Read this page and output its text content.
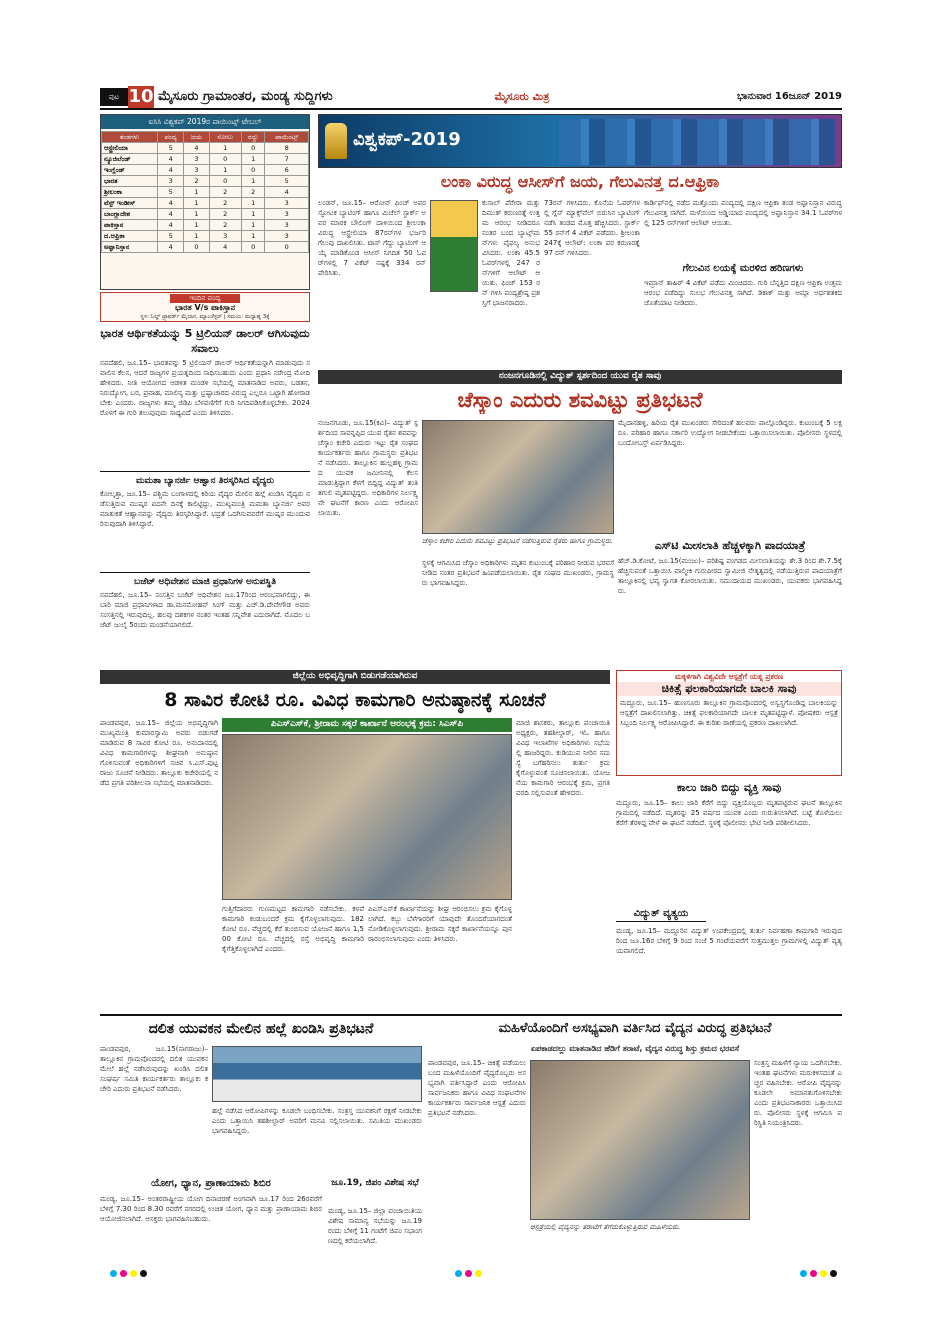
ಪುಟ 10 ಮೈಸೂರು ಗ್ರಾಮಾಂತರ, ಮಂಡ್ಯ ಸುದ್ದಿಗಳು	ಮೈಸೂರು ಮಿತ್ರ	ಭಾನುವಾರ 16ಜೂನ್ 2019
ಐಸಿಸಿ ವಿಶ್ವಕಪ್ 2019ರ ಪಾಯಿಂಟ್ಸ್ ಟೇಬಲ್
ತಂಡಗಳು	ಪಂದ್ಯ	ಜಯ	ಸೋಲು	ರದ್ದು	ಪಾಯಿಂಟ್ಸ್
ಆಸ್ಟ್ರೇಲಿಯಾ	5	4	1	0	8
ನ್ಯೂಜಿಲೆಂಡ್	4	3	0	1	7
ಇಂಗ್ಲೆಂಡ್	4	3	1	0	6
ಭಾರತ	3	2	0	1	5
ಶ್ರೀಲಂಕಾ	5	1	2	2	4
ವೆಸ್ಟ್ ಇಂಡೀಸ್	4	1	2	1	3
ಬಾಂಗ್ಲಾದೇಶ	4	1	2	1	3
ಪಾಕಿಸ್ತಾನ	4	1	2	1	3
ದ.ಆಫ್ರಿಕಾ	5	1	3	1	3
ಅಫ್ಘಾನಿಸ್ತಾನ	4	0	4	0	0
ಇಂದಿನ ಪಂದ್ಯ
ಭಾರತ V/s ಪಾಕಿಸ್ತಾನ
ಸ್ಥಳ: ಓಲ್ಡ್ ಟ್ರ್ಯಾಫರ್ಡ್ ಮೈದಾನ, ಮ್ಯಾಂಚೆಸ್ಟರ್ | ಸಮಯ: ಮಧ್ಯಾಹ್ನ 3ಕ್ಕೆ
ಭಾರತ ಆರ್ಥಿಕತೆಯನ್ನು 5 ಟ್ರಿಲಿಯನ್ ಡಾಲರ್ ಆಗಿಸುವುದು ಸವಾಲು
ನವದೆಹಲಿ, ಜೂ.15– ಭಾರತವನ್ನು 5 ಟ್ರಿಲಿಯನ್ ಡಾಲರ್ ಆರ್ಥಿಕತೆಯನ್ನಾಗಿ ಮಾಡುವುದು ಸವಾಲಿನ ಕೆಲಸ, ಆದರೆ ರಾಜ್ಯಗಳ ಪ್ರಯತ್ನದಿಂದ ಸಾಧಿಸಬಹುದು ಎಂದು ಪ್ರಧಾನಿ ನರೇಂದ್ರ ಮೋದಿ ಹೇಳಿದರು. ನೀತಿ ಆಯೋಗದ ಆಡಳಿತ ಮಂಡಳಿ ಸಭೆಯಲ್ಲಿ ಮಾತನಾಡಿದ ಅವರು, ಬಡತನ, ನಿರುದ್ಯೋಗ, ಬರ, ಪ್ರವಾಹ, ಮಾಲಿನ್ಯ ಮತ್ತು ಭ್ರಷ್ಟಾಚಾರದ ವಿರುದ್ಧ ಎಲ್ಲರೂ ಒಟ್ಟಾಗಿ ಹೋರಾಡಬೇಕು ಎಂದರು. ರಾಜ್ಯಗಳು ತಮ್ಮ ಜಿಡಿಪಿ ಬೆಳವಣಿಗೆಗೆ ಗುರಿ ನಿಗದಿಪಡಿಸಿಕೊಳ್ಳಬೇಕು. 2024ರೊಳಗೆ ಈ ಗುರಿ ತಲುಪುವುದು ಸಾಧ್ಯವಿದೆ ಎಂದು ತಿಳಿಸಿದರು.
ಮಮತಾ ಬ್ಯಾನರ್ಜಿ ಆಹ್ವಾನ ತಿರಸ್ಕರಿಸಿದ ವೈದ್ಯರು
ಕೋಲ್ಕತ್ತಾ, ಜೂ.15– ಪಶ್ಚಿಮ ಬಂಗಾಳದಲ್ಲಿ ಕಿರಿಯ ವೈದ್ಯರ ಮೇಲಿನ ಹಲ್ಲೆ ಖಂಡಿಸಿ ವೈದ್ಯರು ನಡೆಸುತ್ತಿರುವ ಮುಷ್ಕರ ಐದನೇ ದಿನಕ್ಕೆ ಕಾಲಿಟ್ಟಿದ್ದು, ಮುಖ್ಯಮಂತ್ರಿ ಮಮತಾ ಬ್ಯಾನರ್ಜಿ ಅವರ ಮಾತುಕತೆ ಆಹ್ವಾನವನ್ನು ವೈದ್ಯರು ತಿರಸ್ಕರಿಸಿದ್ದಾರೆ. ಭದ್ರತೆ ಒದಗಿಸುವವರೆಗೆ ಮುಷ್ಕರ ಮುಂದುವರಿಸುವುದಾಗಿ ತಿಳಿಸಿದ್ದಾರೆ.
ಬಜೆಟ್ ಅಧಿವೇಶನ ಮಾಜಿ ಪ್ರಧಾನಿಗಳ ಅನುಪಸ್ಥಿತಿ
ನವದೆಹಲಿ, ಜೂ.15– ಸಂಸತ್ತಿನ ಬಜೆಟ್ ಅಧಿವೇಶನ ಜೂ.17ರಿಂದ ಆರಂಭವಾಗಲಿದ್ದು, ಈ ಬಾರಿ ಮಾಜಿ ಪ್ರಧಾನಿಗಳಾದ ಡಾ.ಮನಮೋಹನ್ ಸಿಂಗ್ ಮತ್ತು ಎಚ್.ಡಿ.ದೇವೇಗೌಡ ಅವರು ಸಂಸತ್ತಿನಲ್ಲಿ ಇರುವುದಿಲ್ಲ. ಹಲವು ದಶಕಗಳ ನಂತರ ಇಂತಹ ಸನ್ನಿವೇಶ ಎದುರಾಗಿದೆ. ಮೊದಲ ಬಜೆಟ್ ಜುಲೈ 5ರಂದು ಮಂಡನೆಯಾಗಲಿದೆ.
ವಿಶ್ವಕಪ್-2019
ಲಂಕಾ ವಿರುದ್ಧ ಆಸೀಸ್‌ಗೆ ಜಯ, ಗೆಲುವಿನತ್ತ ದ.ಆಫ್ರಿಕಾ
ಲಂಡನ್, ಜೂ.15– ಆರೋನ್ ಫಿಂಚ್ ಅವರ ಸ್ಫೋಟಕ ಬ್ಯಾಟಿಂಗ್ ಹಾಗೂ ಮಿಚೆಲ್ ಸ್ಟಾರ್ಕ್ ಅವರ ಮಾರಕ ಬೌಲಿಂಗ್ ದಾಳಿಯಿಂದ ಶ್ರೀಲಂಕಾ ವಿರುದ್ಧ ಆಸ್ಟ್ರೇಲಿಯಾ 87ರನ್‌ಗಳ ಭರ್ಜರಿ ಗೆಲುವು ದಾಖಲಿಸಿತು. ಟಾಸ್ ಗೆದ್ದು ಬ್ಯಾಟಿಂಗ್ ಆಯ್ಕೆ ಮಾಡಿಕೊಂಡ ಆಸೀಸ್ ನಿಗದಿತ 50 ಓವರ್‌ಗಳಲ್ಲಿ 7 ವಿಕೆಟ್ ನಷ್ಟಕ್ಕೆ 334 ರನ್ ಪೇರಿಸಿತು.
ಕುಸಾಲ್ ಪೆರೇರಾ ಮತ್ತು ದಿಮುತ್ ಕರುಣರತ್ನೆ ಉತ್ತಮ ಆರಂಭ ನೀಡಿದರೂ ನಂತರ ಬಂದ ಬ್ಯಾಟ್ಸ್‌ಮನ್‌ಗಳು ವೈಫಲ್ಯ ಅನುಭವಿಸಿದರು. ಲಂಕಾ 45.5 ಓವರ್‌ಗಳಲ್ಲಿ 247 ರನ್‌ಗಳಿಗೆ ಆಲೌಟ್ ಆಯಿತು. ಫಿಂಚ್ 153 ರನ್ ಗಳಿಸಿ ಪಂದ್ಯಶ್ರೇಷ್ಠ ಪ್ರಶಸ್ತಿಗೆ ಭಾಜನರಾದರು.
73ರನ್ ಗಳಿಸಿದರು. ಕೊನೆಯ ಓವರ್‌ಗಳಲ್ಲಿ ಗ್ಲೆನ್ ಮ್ಯಾಕ್ಸ್‌ವೆಲ್ ಬಿರುಸಿನ ಬ್ಯಾಟಿಂಗ್ ನಡೆಸಿ ತಂಡದ ಮೊತ್ತ ಹೆಚ್ಚಿಸಿದರು. ಸ್ಟಾರ್ಕ್ 55 ರನ್‌ಗೆ 4 ವಿಕೆಟ್ ಪಡೆದರು. ಶ್ರೀಲಂಕಾ 247ಕ್ಕೆ ಆಲೌಟ್: ಲಂಕಾ ಪರ ಕರುಣರತ್ನೆ 97 ರನ್ ಗಳಿಸಿದರು.
ಕಾರ್ಡಿಫ್‌ನಲ್ಲಿ ನಡೆದ ಮತ್ತೊಂದು ಪಂದ್ಯದಲ್ಲಿ ದಕ್ಷಿಣ ಆಫ್ರಿಕಾ ತಂಡ ಅಫ್ಘಾನಿಸ್ತಾನ ವಿರುದ್ಧ ಗೆಲುವಿನತ್ತ ಸಾಗಿದೆ. ಮಳೆಯಿಂದ ಅಡ್ಡಿಯಾದ ಪಂದ್ಯದಲ್ಲಿ ಅಫ್ಘಾನಿಸ್ತಾನ 34.1 ಓವರ್‌ಗಳಲ್ಲಿ 125 ರನ್‌ಗಳಿಗೆ ಆಲೌಟ್ ಆಯಿತು.
ಗೆಲುವಿನ ಲಯಕ್ಕೆ ಮರಳಿದ ಹರಿಣಗಳು
ಇಮ್ರಾನ್ ತಾಹಿರ್ 4 ವಿಕೆಟ್ ಪಡೆದು ಮಿಂಚಿದರು. ಗುರಿ ಬೆನ್ನತ್ತಿದ ದಕ್ಷಿಣ ಆಫ್ರಿಕಾ ಉತ್ತಮ ಆರಂಭ ಪಡೆದಿದ್ದು ಸುಲಭ ಗೆಲುವಿನತ್ತ ಸಾಗಿದೆ. ಡಿಕಾಕ್ ಮತ್ತು ಆಮ್ಲಾ ಅರ್ಧಶತಕದ ಜೊತೆಯಾಟ ನೀಡಿದರು.
ನಂಜನಗೂಡಿನಲ್ಲಿ ವಿದ್ಯುತ್ ಸ್ಪರ್ಶದಿಂದ ಯುವ ರೈತ ಸಾವು
ಚೆಸ್ಕಾಂ ಎದುರು ಶವವಿಟ್ಟು ಪ್ರತಿಭಟನೆ
ನಂಜನಗೂಡು, ಜೂ.15(ಕವಿ)– ವಿದ್ಯುತ್ ಸ್ಪರ್ಶದಿಂದ ಸಾವನ್ನಪ್ಪಿದ ಯುವ ರೈತನ ಶವವನ್ನು ಚೆಸ್ಕಾಂ ಕಚೇರಿ ಎದುರು ಇಟ್ಟು ರೈತ ಸಂಘದ ಕಾರ್ಯಕರ್ತರು ಹಾಗೂ ಗ್ರಾಮಸ್ಥರು ಪ್ರತಿಭಟನೆ ನಡೆಸಿದರು. ತಾಲ್ಲೂಕಿನ ಹುಲ್ಲಹಳ್ಳಿ ಗ್ರಾಮದ ಯುವಕ ಜಮೀನಿನಲ್ಲಿ ಕೆಲಸ ಮಾಡುತ್ತಿದ್ದಾಗ ಕೆಳಗೆ ಬಿದ್ದಿದ್ದ ವಿದ್ಯುತ್ ತಂತಿ ತಗುಲಿ ಮೃತಪಟ್ಟಿದ್ದರು. ಅಧಿಕಾರಿಗಳ ನಿರ್ಲಕ್ಷ್ಯವೇ ಘಟನೆಗೆ ಕಾರಣ ಎಂದು ಆರೋಪಿಸಲಾಯಿತು.
ಚೆಸ್ಕಾಂ ಕಚೇರಿ ಎದುರು ಶವವಿಟ್ಟು ಪ್ರತಿಭಟನೆ ನಡೆಸುತ್ತಿರುವ ರೈತರು ಹಾಗೂ ಗ್ರಾಮಸ್ಥರು.
ಸ್ಥಳಕ್ಕೆ ಆಗಮಿಸಿದ ಚೆಸ್ಕಾಂ ಅಧಿಕಾರಿಗಳು ಮೃತನ ಕುಟುಂಬಕ್ಕೆ ಪರಿಹಾರ ನೀಡುವ ಭರವಸೆ ನೀಡಿದ ನಂತರ ಪ್ರತಿಭಟನೆ ಹಿಂಪಡೆಯಲಾಯಿತು. ರೈತ ಸಂಘದ ಮುಖಂಡರು, ಗ್ರಾಮಸ್ಥರು ಭಾಗವಹಿಸಿದ್ದರು.
ಮೈದಾನಹಳ್ಳಿ, ಹಿರಿಯ ರೈತ ಮುಖಂಡರು ಸೇರಿದಂತೆ ಹಲವರು ಪಾಲ್ಗೊಂಡಿದ್ದರು. ಕುಟುಂಬಕ್ಕೆ 5 ಲಕ್ಷ ರೂ. ಪರಿಹಾರ ಹಾಗೂ ಸರ್ಕಾರಿ ಉದ್ಯೋಗ ನೀಡಬೇಕೆಂದು ಒತ್ತಾಯಿಸಲಾಯಿತು. ಪೊಲೀಸರು ಸ್ಥಳದಲ್ಲಿ ಬಂದೋಬಸ್ತ್ ಏರ್ಪಡಿಸಿದ್ದರು.
ಎಸ್‌ಟಿ ಮೀಸಲಾತಿ ಹೆಚ್ಚಳಕ್ಕಾಗಿ ಪಾದಯಾತ್ರೆ
ಹೆಚ್.ಡಿ.ಕೋಟೆ, ಜೂ.15(ಮಂಜು)– ಪರಿಶಿಷ್ಟ ಪಂಗಡದ ಮೀಸಲಾತಿಯನ್ನು ಶೇ.3 ರಿಂದ ಶೇ.7.5ಕ್ಕೆ ಹೆಚ್ಚಿಸುವಂತೆ ಒತ್ತಾಯಿಸಿ ವಾಲ್ಮೀಕಿ ಗುರುಪೀಠದ ಸ್ವಾಮೀಜಿ ನೇತೃತ್ವದಲ್ಲಿ ನಡೆಯುತ್ತಿರುವ ಪಾದಯಾತ್ರೆಗೆ ತಾಲ್ಲೂಕಿನಲ್ಲಿ ಭವ್ಯ ಸ್ವಾಗತ ಕೋರಲಾಯಿತು. ಸಮುದಾಯದ ಮುಖಂಡರು, ಯುವಕರು ಭಾಗವಹಿಸಿದ್ದರು.
ಜಿಲ್ಲೆಯ ಅಭಿವೃದ್ಧಿಗಾಗಿ ಬಿಡುಗಡೆಯಾಗಿರುವ
8 ಸಾವಿರ ಕೋಟಿ ರೂ. ವಿವಿಧ ಕಾಮಗಾರಿ ಅನುಷ್ಠಾನಕ್ಕೆ ಸೂಚನೆ
ಪಾಂಡವಪುರ, ಜೂ.15– ಜಿಲ್ಲೆಯ ಅಭಿವೃದ್ಧಿಗಾಗಿ ಮುಖ್ಯಮಂತ್ರಿ ಕುಮಾರಸ್ವಾಮಿ ಅವರು ಬಿಡುಗಡೆ ಮಾಡಿರುವ 8 ಸಾವಿರ ಕೋಟಿ ರೂ. ಅನುದಾನದಲ್ಲಿ ವಿವಿಧ ಕಾಮಗಾರಿಗಳನ್ನು ಶೀಘ್ರವಾಗಿ ಅನುಷ್ಠಾನಗೊಳಿಸುವಂತೆ ಅಧಿಕಾರಿಗಳಿಗೆ ಸಚಿವ ಸಿ.ಎಸ್.ಪುಟ್ಟರಾಜು ಸೂಚನೆ ನೀಡಿದರು. ತಾಲ್ಲೂಕು ಕಚೇರಿಯಲ್ಲಿ ನಡೆದ ಪ್ರಗತಿ ಪರಿಶೀಲನಾ ಸಭೆಯಲ್ಲಿ ಮಾತನಾಡಿದರು.
ಪಿಎಸ್‌ಎಸ್‌ಕೆ, ಶ್ರೀರಾಮ ಸಕ್ಕರೆ ಕಾರ್ಖಾನೆ ಆರಂಭಕ್ಕೆ ಕ್ರಮ: ಸಿಎಸ್‌ಪಿ
ಗುತ್ತಿಗೆದಾರರು ಗುಣಮಟ್ಟದ ಕಾಮಗಾರಿ ನಡೆಸಬೇಕು. ಕಳಪೆ ಕಾಮಗಾರಿ ಕಂಡುಬಂದರೆ ಕ್ರಮ ಕೈಗೊಳ್ಳಲಾಗುವುದು. 182 ಕೋಟಿ ರೂ. ವೆಚ್ಚದಲ್ಲಿ ಕೆರೆ ತುಂಬಿಸುವ ಯೋಜನೆ ಹಾಗೂ 1,500 ಕೋಟಿ ರೂ. ವೆಚ್ಚದಲ್ಲಿ ರಸ್ತೆ ಅಭಿವೃದ್ಧಿ ಕಾಮಗಾರಿ ಕೈಗೆತ್ತಿಕೊಳ್ಳಲಾಗಿದೆ ಎಂದರು.
ಪಿಎಸ್‌ಎಸ್‌ಕೆ ಕಾರ್ಖಾನೆಯನ್ನು ಶೀಘ್ರ ಆರಂಭಿಸಲು ಕ್ರಮ ಕೈಗೊಳ್ಳಲಾಗಿದೆ. ಕಬ್ಬು ಬೆಳೆಗಾರರಿಗೆ ಯಾವುದೇ ತೊಂದರೆಯಾಗದಂತೆ ನೋಡಿಕೊಳ್ಳಲಾಗುವುದು. ಶ್ರೀರಾಮ ಸಕ್ಕರೆ ಕಾರ್ಖಾನೆಯನ್ನೂ ಪುನರಾರಂಭಿಸಲಾಗುವುದು ಎಂದು ತಿಳಿಸಿದರು.
ಮಾಜಿ ಶಾಸಕರು, ತಾಲ್ಲೂಕು ಪಂಚಾಯಿತಿ ಅಧ್ಯಕ್ಷರು, ತಹಶೀಲ್ದಾರ್, ಇಓ ಹಾಗೂ ವಿವಿಧ ಇಲಾಖೆಗಳ ಅಧಿಕಾರಿಗಳು ಸಭೆಯಲ್ಲಿ ಹಾಜರಿದ್ದರು. ಕುಡಿಯುವ ನೀರಿನ ಸಮಸ್ಯೆ ಬಗೆಹರಿಸಲು ತುರ್ತು ಕ್ರಮ ಕೈಗೊಳ್ಳುವಂತೆ ಸೂಚಿಸಲಾಯಿತು. ಯೋಜನೆಯ ಕಾಮಗಾರಿ ಆರಂಭಕ್ಕೆ ಕ್ರಮ, ಪ್ರಗತಿ ವರದಿ ಸಲ್ಲಿಸುವಂತೆ ಹೇಳಿದರು.
ಮಕ್ಕಳಿಗಾಗಿ ವಿಶ್ವವಿದೇ ಆಸ್ಪತ್ರೆಗೆ ಯತ್ನ ಪ್ರಕರಣ
ಚಿಕಿತ್ಸೆ ಫಲಕಾರಿಯಾಗದೇ ಬಾಲಕಿ ಸಾವು
ಮದ್ದೂರು, ಜೂ.15– ಹುಣಸೂರು ತಾಲ್ಲೂಕಿನ ಗ್ರಾಮವೊಂದರಲ್ಲಿ ಅಸ್ವಸ್ಥಗೊಂಡಿದ್ದ ಬಾಲಕಿಯನ್ನು ಆಸ್ಪತ್ರೆಗೆ ದಾಖಲಿಸಲಾಗಿತ್ತು. ಚಿಕಿತ್ಸೆ ಫಲಕಾರಿಯಾಗದೇ ಬಾಲಕಿ ಮೃತಪಟ್ಟಿದ್ದಾಳೆ. ಪೋಷಕರು ಆಸ್ಪತ್ರೆ ಸಿಬ್ಬಂದಿ ನಿರ್ಲಕ್ಷ್ಯ ಆರೋಪಿಸಿದ್ದಾರೆ. ಈ ಕುರಿತು ಠಾಣೆಯಲ್ಲಿ ಪ್ರಕರಣ ದಾಖಲಾಗಿದೆ.
ಕಾಲು ಜಾರಿ ಬಿದ್ದು ವ್ಯಕ್ತಿ ಸಾವು
ಮದ್ದೂರು, ಜೂ.15– ಕಾಲು ಜಾರಿ ಕೆರೆಗೆ ಬಿದ್ದು ವ್ಯಕ್ತಿಯೊಬ್ಬರು ಮೃತಪಟ್ಟಿರುವ ಘಟನೆ ತಾಲ್ಲೂಕಿನ ಗ್ರಾಮದಲ್ಲಿ ನಡೆದಿದೆ. ಮೃತರನ್ನು 25 ವರ್ಷದ ಯುವಕ ಎಂದು ಗುರುತಿಸಲಾಗಿದೆ. ಬಟ್ಟೆ ತೊಳೆಯಲು ಕೆರೆಗೆ ತೆರಳಿದ್ದ ವೇಳೆ ಈ ಘಟನೆ ನಡೆದಿದೆ. ಸ್ಥಳಕ್ಕೆ ಪೊಲೀಸರು ಭೇಟಿ ನೀಡಿ ಪರಿಶೀಲಿಸಿದರು.
ವಿದ್ಯುತ್ ವ್ಯತ್ಯಯ
ಮಂಡ್ಯ, ಜೂ.15– ಮದ್ದೂರಿನ ವಿದ್ಯುತ್ ಉಪಕೇಂದ್ರದಲ್ಲಿ ತುರ್ತು ನಿರ್ವಹಣಾ ಕಾಮಗಾರಿ ಇರುವುದರಿಂದ ಜೂ.16ರ ಬೆಳಿಗ್ಗೆ 9 ರಿಂದ ಸಂಜೆ 5 ಗಂಟೆಯವರೆಗೆ ಸುತ್ತಮುತ್ತಲ ಗ್ರಾಮಗಳಲ್ಲಿ ವಿದ್ಯುತ್ ವ್ಯತ್ಯಯವಾಗಲಿದೆ.
ದಲಿತ ಯುವಕನ ಮೇಲಿನ ಹಲ್ಲೆ ಖಂಡಿಸಿ ಪ್ರತಿಭಟನೆ
ಪಾಂಡವಪುರ, ಜೂ.15(ನಾಗರಾಜು)– ತಾಲ್ಲೂಕಿನ ಗ್ರಾಮವೊಂದರಲ್ಲಿ ದಲಿತ ಯುವಕನ ಮೇಲೆ ಹಲ್ಲೆ ನಡೆಸಿರುವುದನ್ನು ಖಂಡಿಸಿ ದಲಿತ ಸಂಘರ್ಷ ಸಮಿತಿ ಕಾರ್ಯಕರ್ತರು ತಾಲ್ಲೂಕು ಕಚೇರಿ ಎದುರು ಪ್ರತಿಭಟನೆ ನಡೆಸಿದರು.
ಹಲ್ಲೆ ನಡೆಸಿದ ಆರೋಪಿಗಳನ್ನು ಕೂಡಲೇ ಬಂಧಿಸಬೇಕು. ಸಂತ್ರಸ್ತ ಯುವಕನಿಗೆ ರಕ್ಷಣೆ ನೀಡಬೇಕು ಎಂದು ಒತ್ತಾಯಿಸಿ ತಹಶೀಲ್ದಾರ್ ಅವರಿಗೆ ಮನವಿ ಸಲ್ಲಿಸಲಾಯಿತು. ಸಮಿತಿಯ ಮುಖಂಡರು ಭಾಗವಹಿಸಿದ್ದರು.
ಯೋಗ, ಧ್ಯಾನ, ಪ್ರಾಣಾಯಾಮ ಶಿಬಿರ
ಮಂಡ್ಯ, ಜೂ.15– ಅಂತರರಾಷ್ಟ್ರೀಯ ಯೋಗ ದಿನಾಚರಣೆ ಅಂಗವಾಗಿ ಜೂ.17 ರಿಂದ 26ರವರೆಗೆ ಬೆಳಿಗ್ಗೆ 7.30 ರಿಂದ 8.30 ರವರೆಗೆ ನಗರದಲ್ಲಿ ಉಚಿತ ಯೋಗ, ಧ್ಯಾನ ಮತ್ತು ಪ್ರಾಣಾಯಾಮ ಶಿಬಿರ ಆಯೋಜಿಸಲಾಗಿದೆ. ಆಸಕ್ತರು ಭಾಗವಹಿಸಬಹುದು.
ಜೂ.19, ಜಿಪಂ ವಿಶೇಷ ಸಭೆ
ಮಂಡ್ಯ, ಜೂ.15– ಜಿಲ್ಲಾ ಪಂಚಾಯಿತಿಯ ವಿಶೇಷ ಸಾಮಾನ್ಯ ಸಭೆಯನ್ನು ಜೂ.19ರಂದು ಬೆಳಿಗ್ಗೆ 11 ಗಂಟೆಗೆ ಜಿಪಂ ಸಭಾಂಗಣದಲ್ಲಿ ಕರೆಯಲಾಗಿದೆ.
ಮಹಿಳೆಯೊಂದಿಗೆ ಅಸಭ್ಯವಾಗಿ ವರ್ತಿಸಿದ ವೈದ್ಯನ ವಿರುದ್ಧ ಪ್ರತಿಭಟನೆ
ಏಪಕಾಡದಲ್ಲು ಮಾತನಾಡಿದ ಹೆಡಿಗೆ ತರಾಟೆ, ವೈದ್ಯನ ವಿರುದ್ಧ ಶಿಸ್ತು ಕ್ರಮದ ಭರವಸೆ
ಪಾಂಡವಪುರ, ಜೂ.15– ಚಿಕಿತ್ಸೆ ಪಡೆಯಲು ಬಂದ ಮಹಿಳೆಯೊಂದಿಗೆ ವೈದ್ಯರೊಬ್ಬರು ಅಸಭ್ಯವಾಗಿ ವರ್ತಿಸಿದ್ದಾರೆ ಎಂದು ಆರೋಪಿಸಿ ಸಾರ್ವಜನಿಕರು ಹಾಗೂ ವಿವಿಧ ಸಂಘಟನೆಗಳ ಕಾರ್ಯಕರ್ತರು ಸಾರ್ವಜನಿಕ ಆಸ್ಪತ್ರೆ ಎದುರು ಪ್ರತಿಭಟನೆ ನಡೆಸಿದರು.
ಆಸ್ಪತ್ರೆಯಲ್ಲಿ ವೈದ್ಯನನ್ನು ತರಾಟೆಗೆ ತೆಗೆದುಕೊಳ್ಳುತ್ತಿರುವ ಮಹಿಳೆಯರು.
ಸಂತ್ರಸ್ತ ಮಹಿಳೆಗೆ ನ್ಯಾಯ ಒದಗಿಸಬೇಕು. ಇಂತಹ ಘಟನೆಗಳು ಮರುಕಳಿಸದಂತೆ ಎಚ್ಚರ ವಹಿಸಬೇಕು. ಆರೋಪಿ ವೈದ್ಯನನ್ನು ಕೂಡಲೇ ಅಮಾನತುಗೊಳಿಸಬೇಕು ಎಂದು ಪ್ರತಿಭಟನಾಕಾರರು ಒತ್ತಾಯಿಸಿದರು. ಪೊಲೀಸರು ಸ್ಥಳಕ್ಕೆ ಆಗಮಿಸಿ ಪರಿಸ್ಥಿತಿ ನಿಯಂತ್ರಿಸಿದರು.
